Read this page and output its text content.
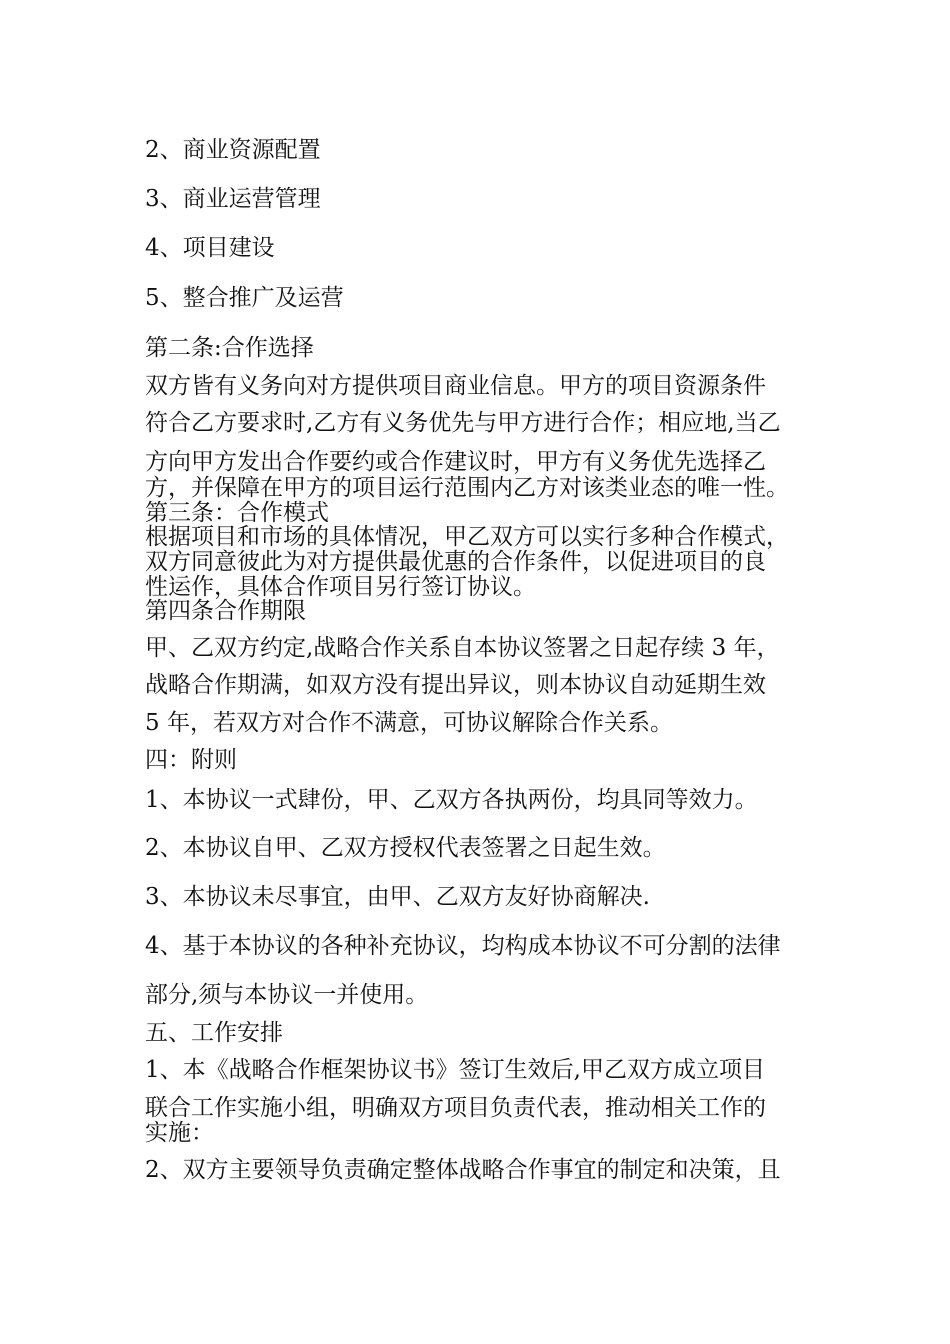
2、商业资源配置
3、商业运营管理
4、项目建设
5、整合推广及运营
第二条:合作选择
双方皆有义务向对方提供项目商业信息。甲方的项目资源条件
符合乙方要求时,乙方有义务优先与甲方进行合作；相应地,当乙
方向甲方发出合作要约或合作建议时，甲方有义务优先选择乙
方，并保障在甲方的项目运行范围内乙方对该类业态的唯一性。
第三条：合作模式
根据项目和市场的具体情况，甲乙双方可以实行多种合作模式，
双方同意彼此为对方提供最优惠的合作条件，以促进项目的良
性运作，具体合作项目另行签订协议。
第四条合作期限
甲、乙双方约定,战略合作关系自本协议签署之日起存续 3 年，
战略合作期满，如双方没有提出异议，则本协议自动延期生效
5 年，若双方对合作不满意，可协议解除合作关系。
四：附则
1、本协议一式肆份，甲、乙双方各执两份，均具同等效力。
2、本协议自甲、乙双方授权代表签署之日起生效。
3、本协议未尽事宜，由甲、乙双方友好协商解决.
4、基于本协议的各种补充协议，均构成本协议不可分割的法律
部分,须与本协议一并使用。
五、工作安排
1、本《战略合作框架协议书》签订生效后,甲乙双方成立项目
联合工作实施小组，明确双方项目负责代表，推动相关工作的
实施：
2、双方主要领导负责确定整体战略合作事宜的制定和决策，且
